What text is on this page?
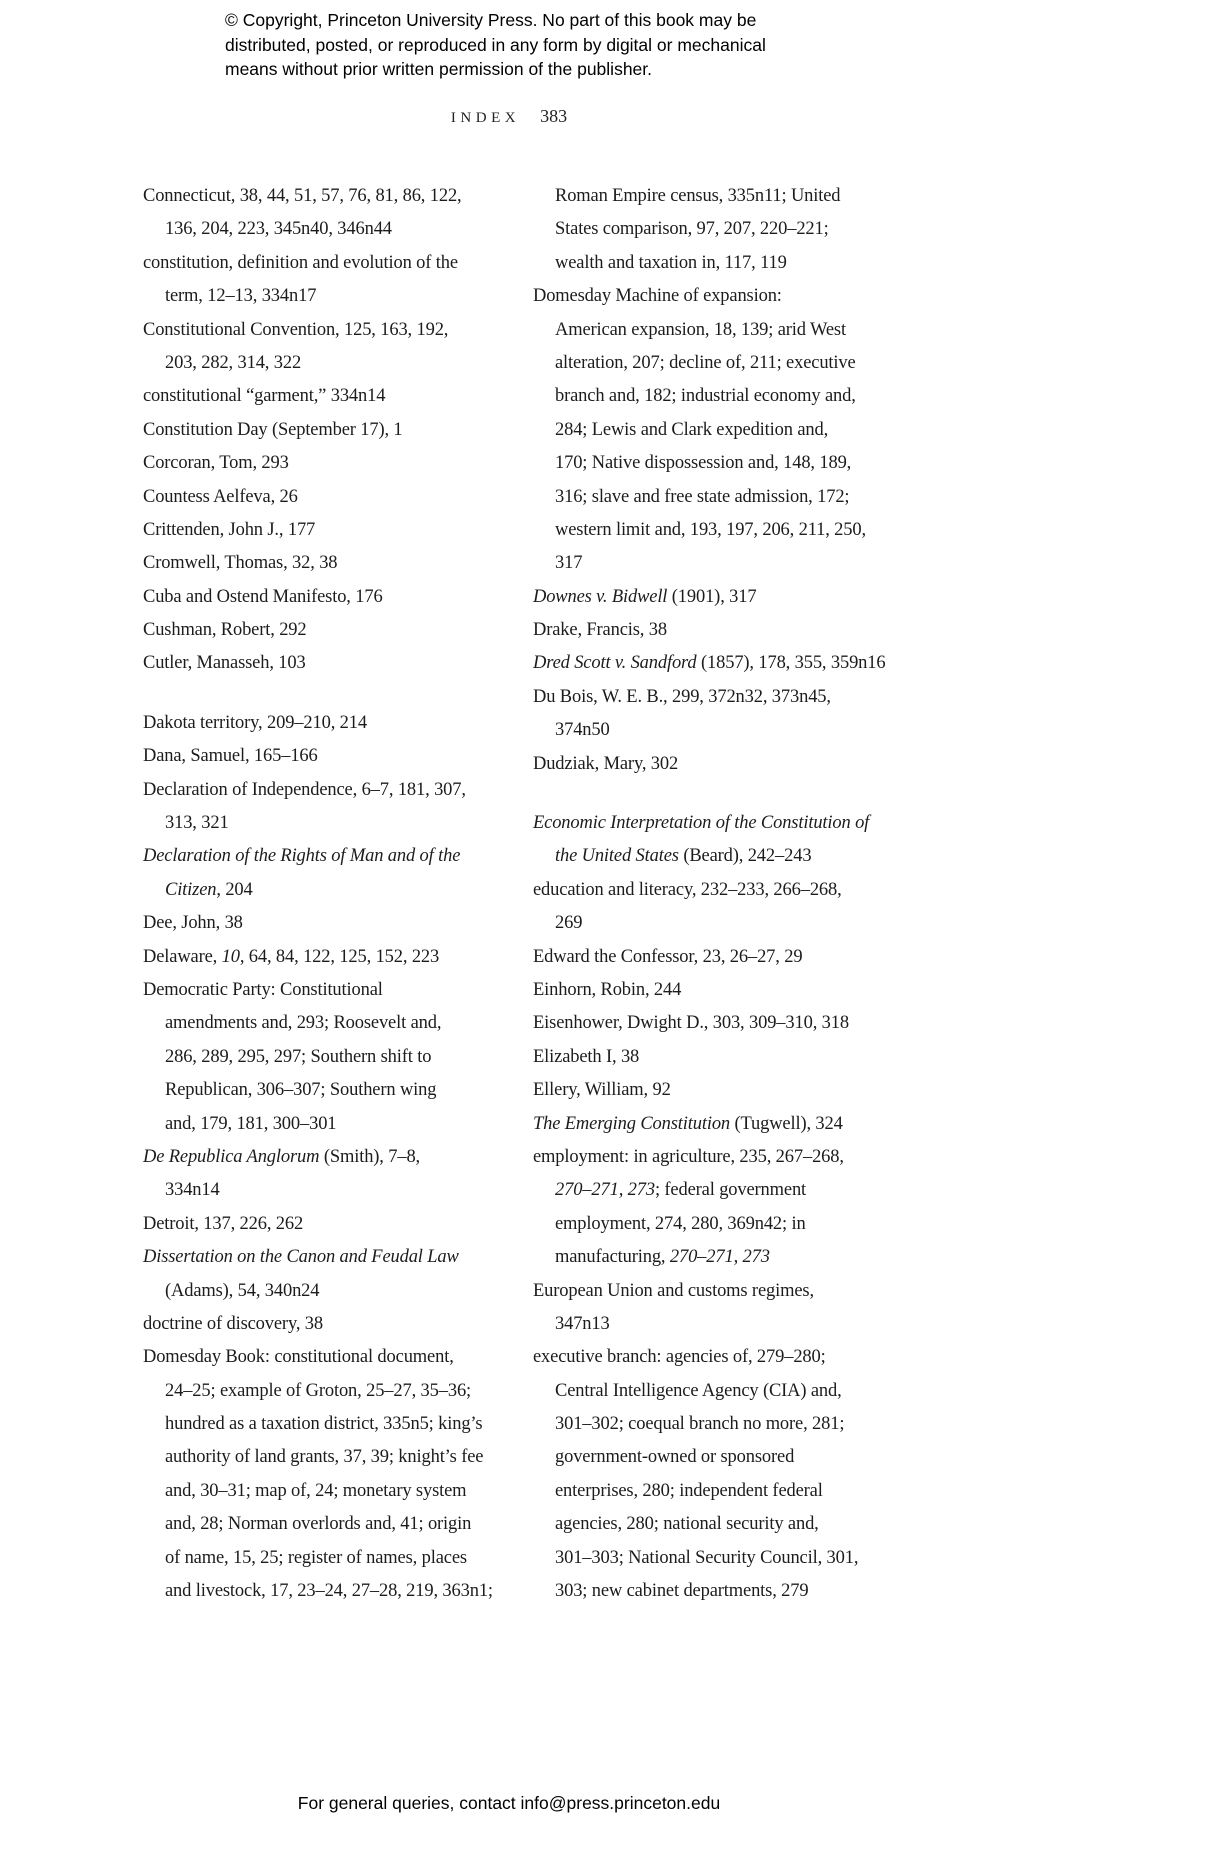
© Copyright, Princeton University Press. No part of this book may be
distributed, posted, or reproduced in any form by digital or mechanical
means without prior written permission of the publisher.
INDEX 383
Connecticut, 38, 44, 51, 57, 76, 81, 86, 122,
136, 204, 223, 345n40, 346n44
constitution, definition and evolution of the
term, 12–13, 334n17
Constitutional Convention, 125, 163, 192,
203, 282, 314, 322
constitutional “garment,” 334n14
Constitution Day (September 17), 1
Corcoran, Tom, 293
Countess Aelfeva, 26
Crittenden, John J., 177
Cromwell, Thomas, 32, 38
Cuba and Ostend Manifesto, 176
Cushman, Robert, 292
Cutler, Manasseh, 103
Dakota territory, 209–210, 214
Dana, Samuel, 165–166
Declaration of Independence, 6–7, 181, 307,
313, 321
Declaration of the Rights of Man and of the
Citizen, 204
Dee, John, 38
Delaware, 10, 64, 84, 122, 125, 152, 223
Democratic Party: Constitutional
amendments and, 293; Roosevelt and,
286, 289, 295, 297; Southern shift to
Republican, 306–307; Southern wing
and, 179, 181, 300–301
De Republica Anglorum (Smith), 7–8,
334n14
Detroit, 137, 226, 262
Dissertation on the Canon and Feudal Law
(Adams), 54, 340n24
doctrine of discovery, 38
Domesday Book: constitutional document,
24–25; example of Groton, 25–27, 35–36;
hundred as a taxation district, 335n5; king’s
authority of land grants, 37, 39; knight’s fee
and, 30–31; map of, 24; monetary system
and, 28; Norman overlords and, 41; origin
of name, 15, 25; register of names, places
and livestock, 17, 23–24, 27–28, 219, 363n1;
Roman Empire census, 335n11; United
States comparison, 97, 207, 220–221;
wealth and taxation in, 117, 119
Domesday Machine of expansion:
American expansion, 18, 139; arid West
alteration, 207; decline of, 211; executive
branch and, 182; industrial economy and,
284; Lewis and Clark expedition and,
170; Native dispossession and, 148, 189,
316; slave and free state admission, 172;
western limit and, 193, 197, 206, 211, 250,
317
Downes v. Bidwell (1901), 317
Drake, Francis, 38
Dred Scott v. Sandford (1857), 178, 355, 359n16
Du Bois, W. E. B., 299, 372n32, 373n45,
374n50
Dudziak, Mary, 302
Economic Interpretation of the Constitution of
the United States (Beard), 242–243
education and literacy, 232–233, 266–268,
269
Edward the Confessor, 23, 26–27, 29
Einhorn, Robin, 244
Eisenhower, Dwight D., 303, 309–310, 318
Elizabeth I, 38
Ellery, William, 92
The Emerging Constitution (Tugwell), 324
employment: in agriculture, 235, 267–268,
270–271, 273; federal government
employment, 274, 280, 369n42; in
manufacturing, 270–271, 273
European Union and customs regimes,
347n13
executive branch: agencies of, 279–280;
Central Intelligence Agency (CIA) and,
301–302; coequal branch no more, 281;
government-owned or sponsored
enterprises, 280; independent federal
agencies, 280; national security and,
301–303; National Security Council, 301,
303; new cabinet departments, 279
For general queries, contact info@press.princeton.edu
